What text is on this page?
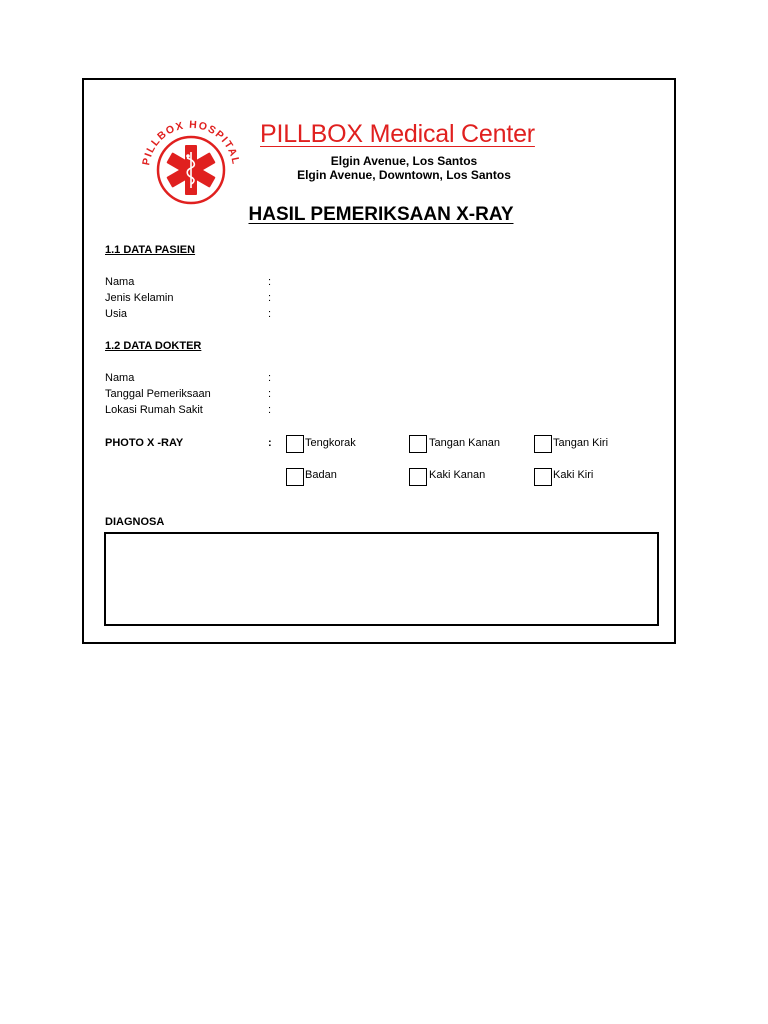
PILLBOX HOSPITAL
PILLBOX Medical Center
Elgin Avenue, Los Santos
Elgin Avenue, Downtown, Los Santos
HASIL PEMERIKSAAN X-RAY
1.1 DATA PASIEN
Nama	:
Jenis Kelamin	:
Usia	:
1.2 DATA DOKTER
Nama	:
Tanggal Pemeriksaan	:
Lokasi Rumah Sakit	:
PHOTO X -RAY	:	Tengkorak	Tangan Kanan	Tangan Kiri
Badan	Kaki Kanan	Kaki Kiri
DIAGNOSA
